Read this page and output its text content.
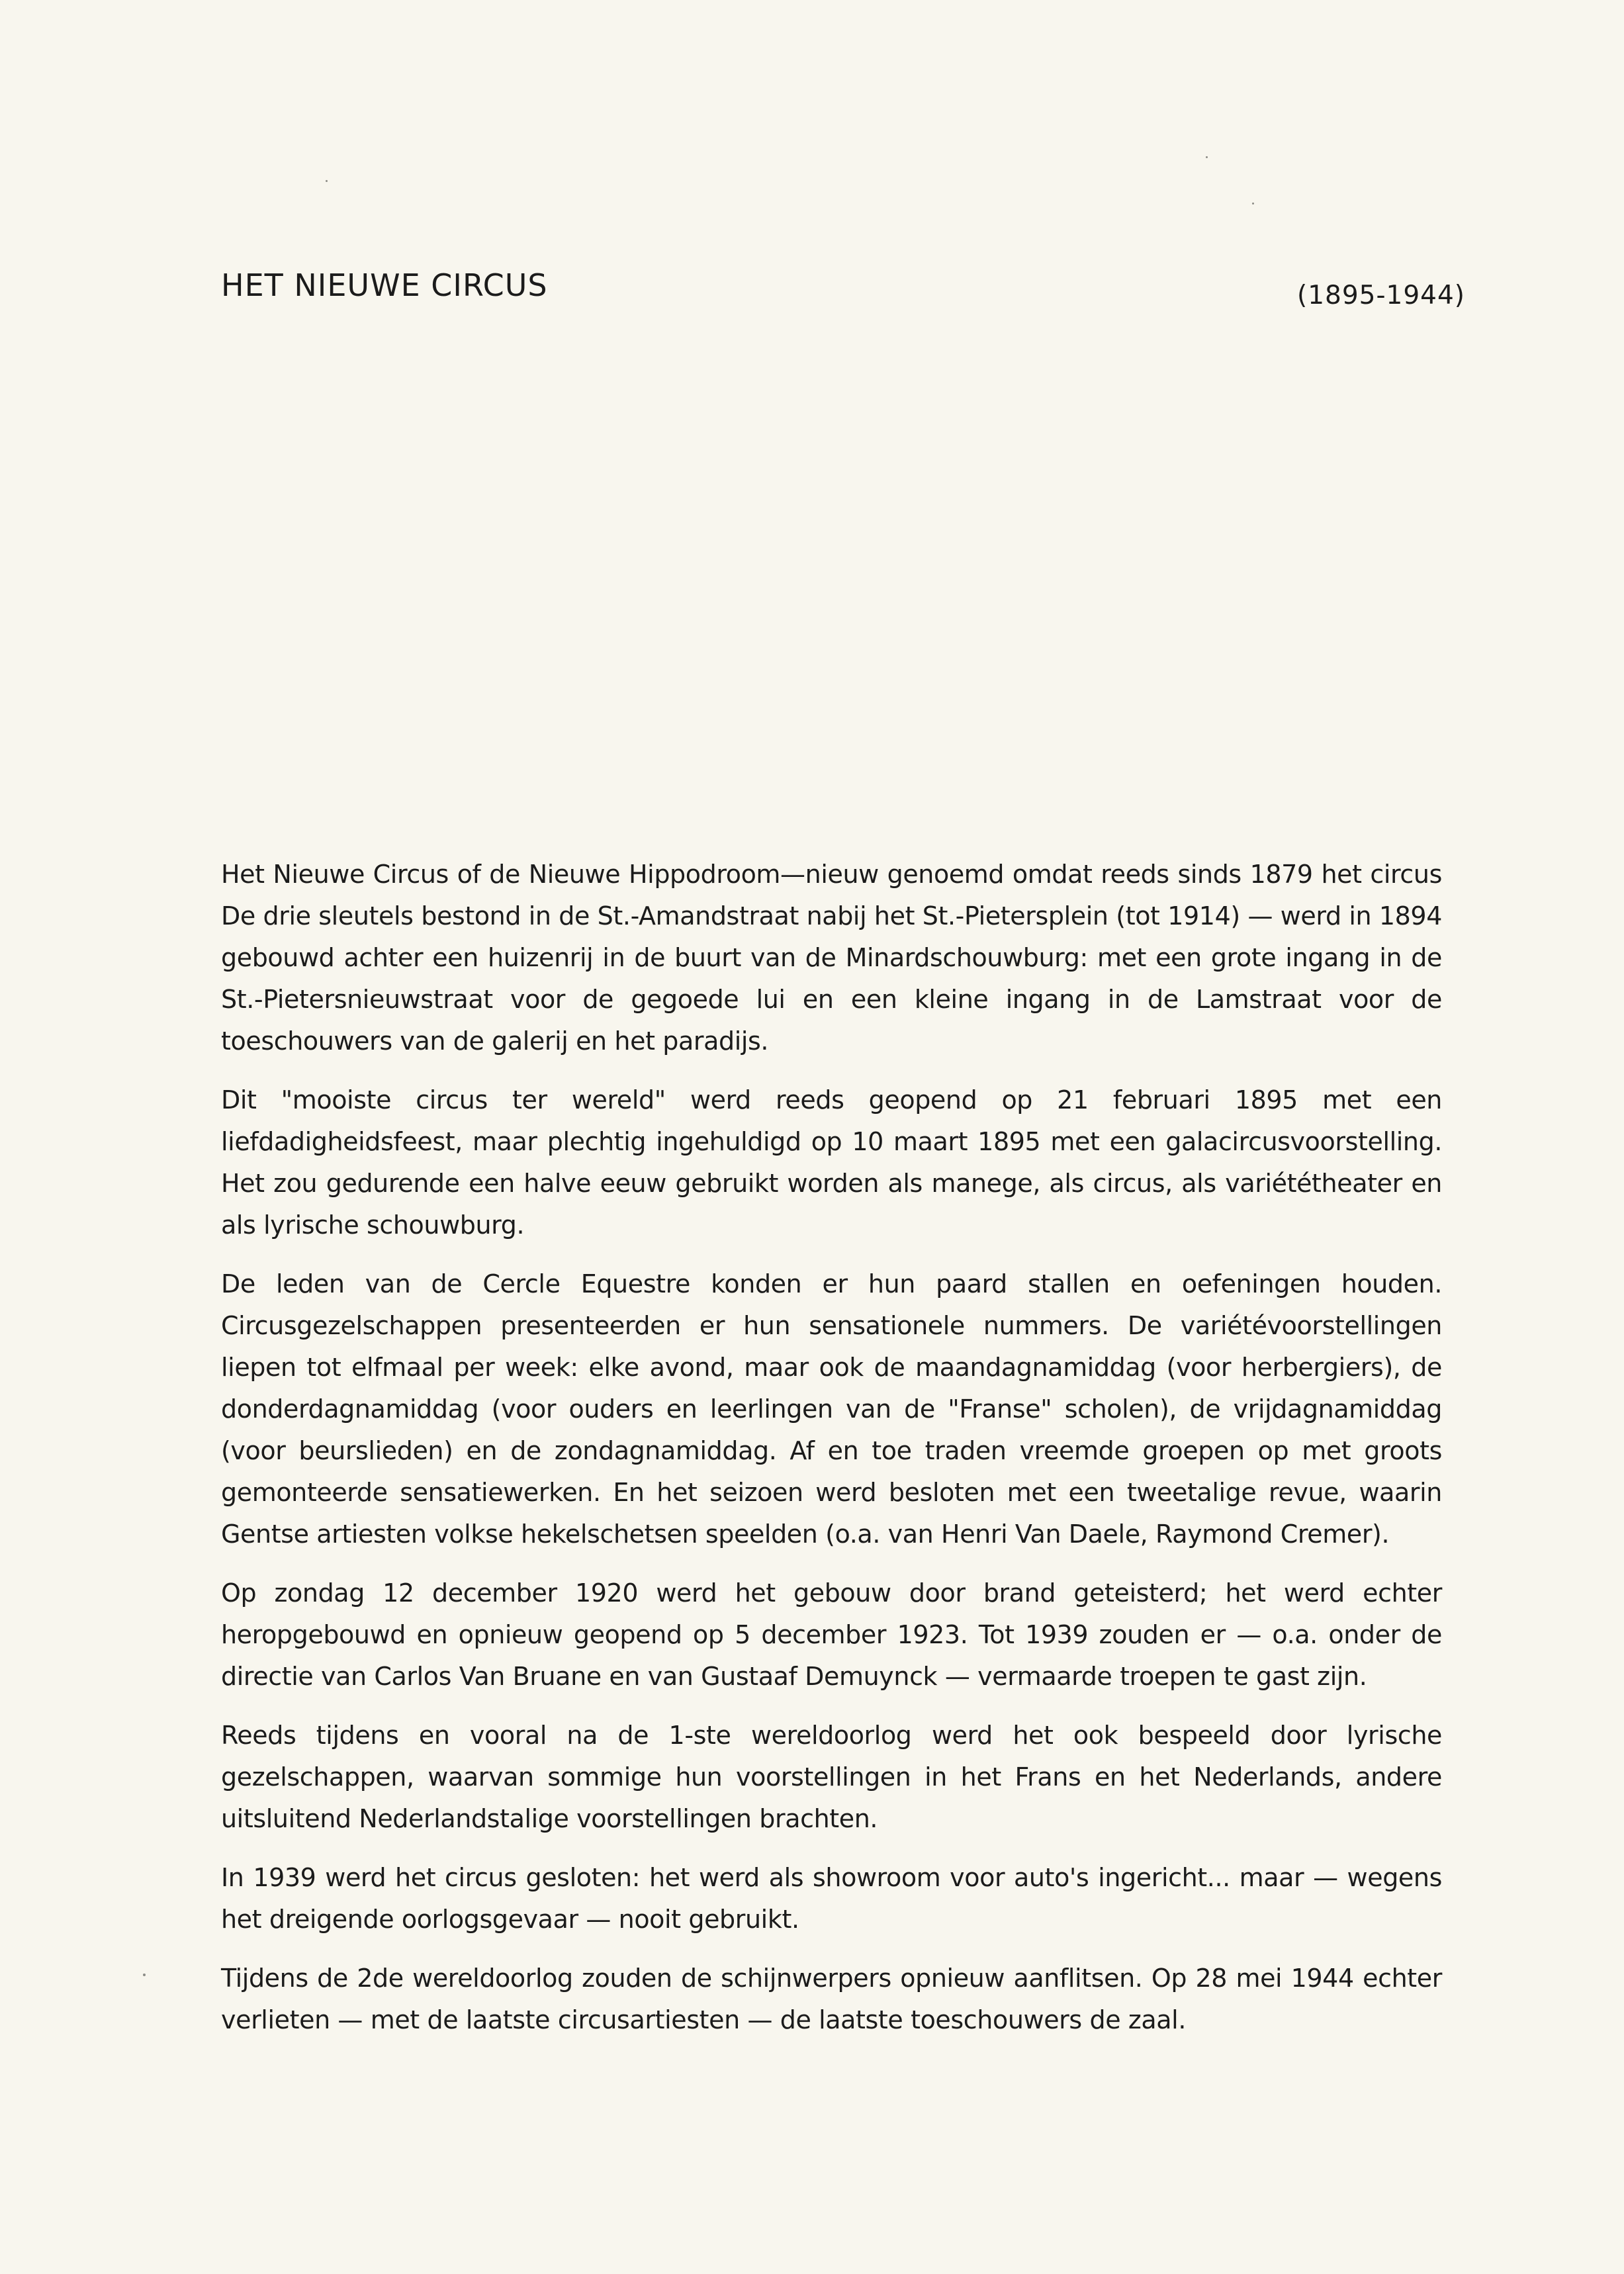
HET NIEUWE CIRCUS	(1895-1944)

Het Nieuwe Circus of de Nieuwe Hippodroom—nieuw genoemd omdat reeds sinds 1879 het circus De drie sleutels bestond in de St.-Amandstraat nabij het St.-Pietersplein (tot 1914) — werd in 1894 gebouwd achter een huizenrij in de buurt van de Minardschouwburg: met een grote ingang in de St.-Pietersnieuwstraat voor de gegoede lui en een kleine ingang in de Lamstraat voor de toeschouwers van de galerij en het paradijs.

Dit "mooiste circus ter wereld" werd reeds geopend op 21 februari 1895 met een liefdadigheidsfeest, maar plechtig ingehuldigd op 10 maart 1895 met een galacircusvoorstelling. Het zou gedurende een halve eeuw gebruikt worden als manege, als circus, als variététheater en als lyrische schouwburg.

De leden van de Cercle Equestre konden er hun paard stallen en oefeningen houden. Circusgezelschappen presenteerden er hun sensationele nummers. De variétévoorstellingen liepen tot elfmaal per week: elke avond, maar ook de maandagnamiddag (voor herbergiers), de donderdagnamiddag (voor ouders en leerlingen van de "Franse" scholen), de vrijdagnamiddag (voor beurslieden) en de zondagnamiddag. Af en toe traden vreemde groepen op met groots gemonteerde sensatiewerken. En het seizoen werd besloten met een tweetalige revue, waarin Gentse artiesten volkse hekelschetsen speelden (o.a. van Henri Van Daele, Raymond Cremer).

Op zondag 12 december 1920 werd het gebouw door brand geteisterd; het werd echter heropgebouwd en opnieuw geopend op 5 december 1923. Tot 1939 zouden er — o.a. onder de directie van Carlos Van Bruane en van Gustaaf Demuynck — vermaarde troepen te gast zijn.

Reeds tijdens en vooral na de 1-ste wereldoorlog werd het ook bespeeld door lyrische gezelschappen, waarvan sommige hun voorstellingen in het Frans en het Nederlands, andere uitsluitend Nederlandstalige voorstellingen brachten.

In 1939 werd het circus gesloten: het werd als showroom voor auto's ingericht... maar — wegens het dreigende oorlogsgevaar — nooit gebruikt.

Tijdens de 2de wereldoorlog zouden de schijnwerpers opnieuw aanflitsen. Op 28 mei 1944 echter verlieten — met de laatste circusartiesten — de laatste toeschouwers de zaal.
